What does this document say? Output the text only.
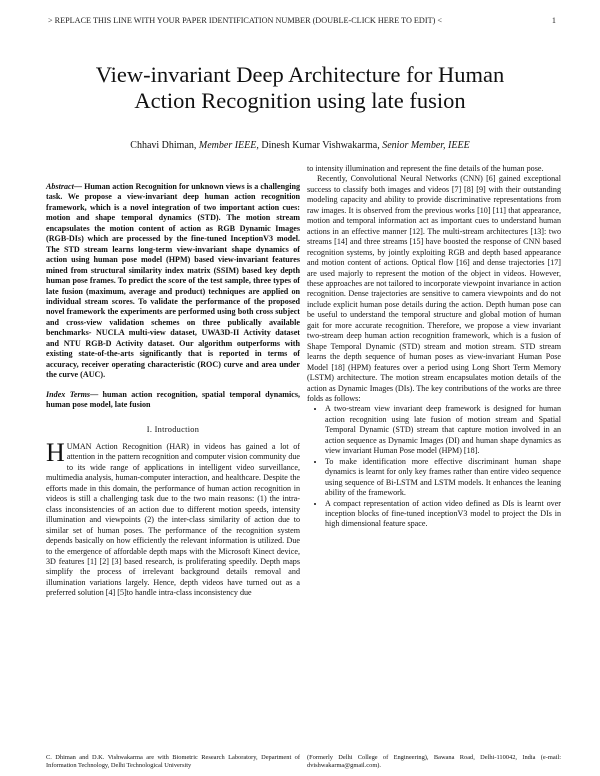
> REPLACE THIS LINE WITH YOUR PAPER IDENTIFICATION NUMBER (DOUBLE-CLICK HERE TO EDIT) <	1
View-invariant Deep Architecture for Human
Action Recognition using late fusion
Chhavi Dhiman, Member IEEE, Dinesh Kumar Vishwakarma, Senior Member, IEEE

Abstract— Human action Recognition for unknown views is a challenging task. We propose a view-invariant deep human action recognition framework, which is a novel integration of two important action cues: motion and shape temporal dynamics (STD). The motion stream encapsulates the motion content of action as RGB Dynamic Images (RGB-DIs) which are processed by the fine-tuned InceptionV3 model. The STD stream learns long-term view-invariant shape dynamics of action using human pose model (HPM) based view-invariant features mined from structural similarity index matrix (SSIM) based key depth human pose frames. To predict the score of the test sample, three types of late fusion (maximum, average and product) techniques are applied on individual stream scores. To validate the performance of the proposed novel framework the experiments are performed using both cross subject and cross-view validation schemes on three publically available benchmarks- NUCLA multi-view dataset, UWA3D-II Activity dataset and NTU RGB-D Activity dataset. Our algorithm outperforms with existing state-of-the-arts significantly that is reported in terms of accuracy, receiver operating characteristic (ROC) curve and area under the curve (AUC).

Index Terms— human action recognition, spatial temporal dynamics, human pose model, late fusion

I. Introduction

HUMAN Action Recognition (HAR) in videos has gained a lot of attention in the pattern recognition and computer vision community due to its wide range of applications in intelligent video surveillance, multimedia analysis, human-computer interaction, and healthcare. Despite the efforts made in this domain, the performance of human action recognition in videos is still a challenging task due to the two main reasons: (1) the intra-class inconsistencies of an action due to different motion speeds, intensity illumination and viewpoints (2) the inter-class similarity of action due to similar set of human poses. The performance of the recognition system depends basically on how efficiently the relevant information is utilized. Due to the emergence of affordable depth maps with the Microsoft Kinect device, 3D features [1] [2] [3] based research, is proliferating speedily. Depth maps simplify the process of irrelevant background details removal and illumination variations largely. Hence, depth videos have turned out as a preferred solution [4] [5]to handle intra-class inconsistency due

to intensity illumination and represent the fine details of the human pose.

Recently, Convolutional Neural Networks (CNN) [6] gained exceptional success to classify both images and videos [7] [8] [9] with their outstanding modeling capacity and ability to provide discriminative representations from raw images. It is observed from the previous works [10] [11] that appearance, motion and temporal information act as important cues to understand human actions in an effective manner [12]. The multi-stream architectures [13]: two streams [14] and three streams [15] have boosted the response of CNN based recognition systems, by jointly exploiting RGB and depth based appearance and motion content of actions. Optical flow [16] and dense trajectories [17] are used majorly to represent the motion of the object in videos. However, these approaches are not tailored to incorporate viewpoint invariance in action recognition. Dense trajectories are sensitive to camera viewpoints and do not include explicit human pose details during the action. Depth human pose can be useful to understand the temporal structure and global motion of human gait for more accurate recognition. Therefore, we propose a view invariant two-stream deep human action recognition framework, which is a fusion of Shape Temporal Dynamic (STD) stream and motion stream. STD stream learns the depth sequence of human poses as view-invariant Human Pose Model [18] (HPM) features over a period using Long Short Term Memory (LSTM) architecture. The motion stream encapsulates motion details of the action as Dynamic Images (DIs). The key contributions of the works are three folds as follows:

• A two-stream view invariant deep framework is designed for human action recognition using late fusion of motion stream and Spatial Temporal Dynamic (STD) stream that capture motion involved in an action sequence as Dynamic Images (DI) and human shape dynamics as view invariant Human Pose model (HPM) [18].
• To make identification more effective discriminant human shape dynamics is learnt for only key frames rather than entire video sequence using sequence of Bi-LSTM and LSTM models. It enhances the leaning ability of the framework.
• A compact representation of action video defined as DIs is learnt over inception blocks of fine-tuned inceptionV3 model to project the DIs in high dimensional feature space.
C. Dhiman and D.K. Vishwakarma are with Biometric Research Laboratory, Department of Information Technology, Delhi Technological University
(Formerly Delhi College of Engineering), Bawana Road, Delhi-110042, India (e-mail: dvishwakarma@gmail.com).
